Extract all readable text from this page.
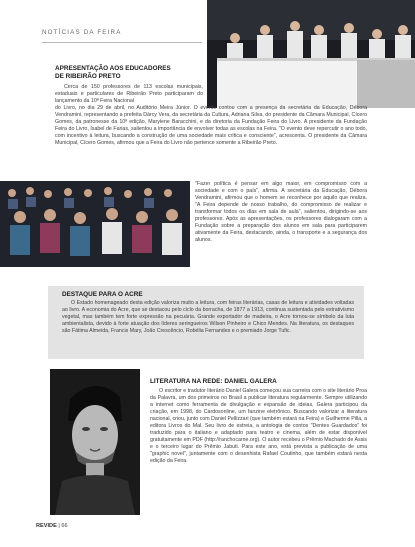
NOTÍCIAS DA FEIRA
APRESENTAÇÃO AOS EDUCADORES
DE RIBEIRÃO PRETO

Cerca de 150 professores de 113 escolas municipais, estaduais e particulares de Ribeirão Preto participaram do lançamento da 10ª Feira Nacional

do Livro, no dia 29 de abril, no Auditório Meira Júnior. O evento contou com a presença da secretária da Educação, Débora Vendramini, representando a prefeita Dárcy Vera, da secretária da Cultura, Adriana Silva, do presidente da Câmara Municipal, Cícero Gomes, da patronesse da 10ª edição, Marylene Baracchini, e da diretoria da Fundação Feira do Livro. A presidente da Fundação Feira do Livro, Isabel de Farias, salientou a importância de envolver todas as escolas na Feira. "O evento deve repercutir o ano todo, com incentivo à leitura, buscando a construção de uma sociedade mais crítica e consciente", acrescenta. O presidente da Câmara Municipal, Cícero Gomes, afirmou que a Feira do Livro não pertence somente a Ribeirão Preto.

"Fazer política é pensar em algo maior, em compromisso com a sociedade e com o país", afirma. A secretária da Educação, Débora Vendramini, afirmou que o homem se reconhece por aquilo que realiza. "A Feira depende de nosso trabalho, do compromisso de realizar e transformar todos os dias em sala de aula", salientou, dirigindo-se aos professores. Após as apresentações, os professores dialogaram com a Fundação sobre a preparação dos alunos em sala para participarem ativamente da Feira, destacando, ainda, o transporte e a segurança dos alunos.

DESTAQUE PARA O ACRE

O Estado homenageado desta edição valoriza muito a leitura, com feiras literárias, casas de leitura e atividades voltadas ao livro. A economia do Acre, que se destacou pelo ciclo da borracha, de 1877 a 1913, continua sustentada pelo extrativismo vegetal, mas também tem forte expressão na pecuária. Grande exportador de madeira, o Acre tornou-se símbolo da luta ambientalista, devido à forte atuação dos líderes seringueiros Wilson Pinheiro e Chico Mendes. Na literatura, os destaques são Fátima Almeida, Francis Mary, João Crescêncio, Robélia Fernandes e o premiado Jorge Tufic.

LITERATURA NA REDE: DANIEL GALERA

O escritor e tradutor literário Daniel Galera começou sua carreira com o site literário Proa da Palavra, um dos primeiros no Brasil a publicar literatura regularmente. Sempre utilizando a internet como ferramenta de divulgação e expansão de ideias, Galera participou da criação, em 1998, do Cardosonline, um fanzine eletrônico. Buscando valorizar a literatura nacional, criou, junto com Daniel Pellizzari (que também estará na Feira) e Guilherme Pilla, a editora Livros do Mal. Seu livro de estreia, a antologia de contos "Dentes Guardados" foi traduzido para o italiano e adaptado para teatro e cinema, além de estar disponível gratuitamente em PDF (http://ranchocarne.org). O autor recebeu o Prêmio Machado de Assis e o terceiro lugar do Prêmio Jabuti. Para este ano, está prevista a publicação de uma "graphic novel", juntamente com o desenhista Rafael Coutinho, que também estará nesta edição da Feira.

REVIDE | 66
